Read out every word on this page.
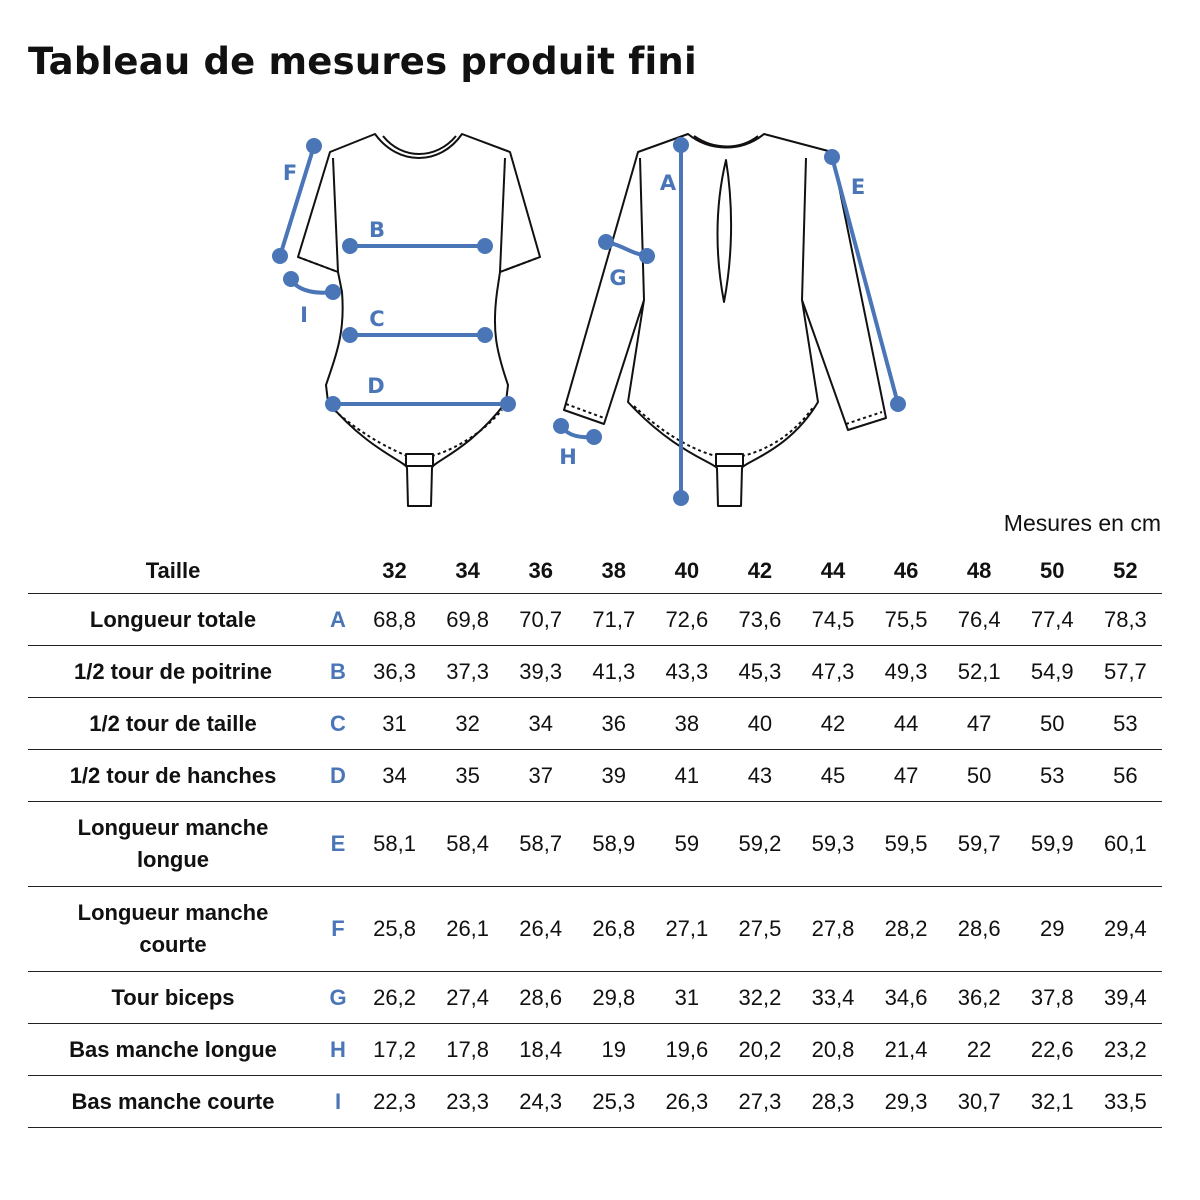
Tableau de mesures produit fini
F
B
I	C
D
A	E
G
H
Mesures en cm
Taille		32	34	36	38	40	42	44	46	48	50	52
Longueur totale	A	68,8	69,8	70,7	71,7	72,6	73,6	74,5	75,5	76,4	77,4	78,3
1/2 tour de poitrine	B	36,3	37,3	39,3	41,3	43,3	45,3	47,3	49,3	52,1	54,9	57,7
1/2 tour de taille	C	31	32	34	36	38	40	42	44	47	50	53
1/2 tour de hanches	D	34	35	37	39	41	43	45	47	50	53	56
Longueur manche longue	E	58,1	58,4	58,7	58,9	59	59,2	59,3	59,5	59,7	59,9	60,1
Longueur manche courte	F	25,8	26,1	26,4	26,8	27,1	27,5	27,8	28,2	28,6	29	29,4
Tour biceps	G	26,2	27,4	28,6	29,8	31	32,2	33,4	34,6	36,2	37,8	39,4
Bas manche longue	H	17,2	17,8	18,4	19	19,6	20,2	20,8	21,4	22	22,6	23,2
Bas manche courte	I	22,3	23,3	24,3	25,3	26,3	27,3	28,3	29,3	30,7	32,1	33,5
